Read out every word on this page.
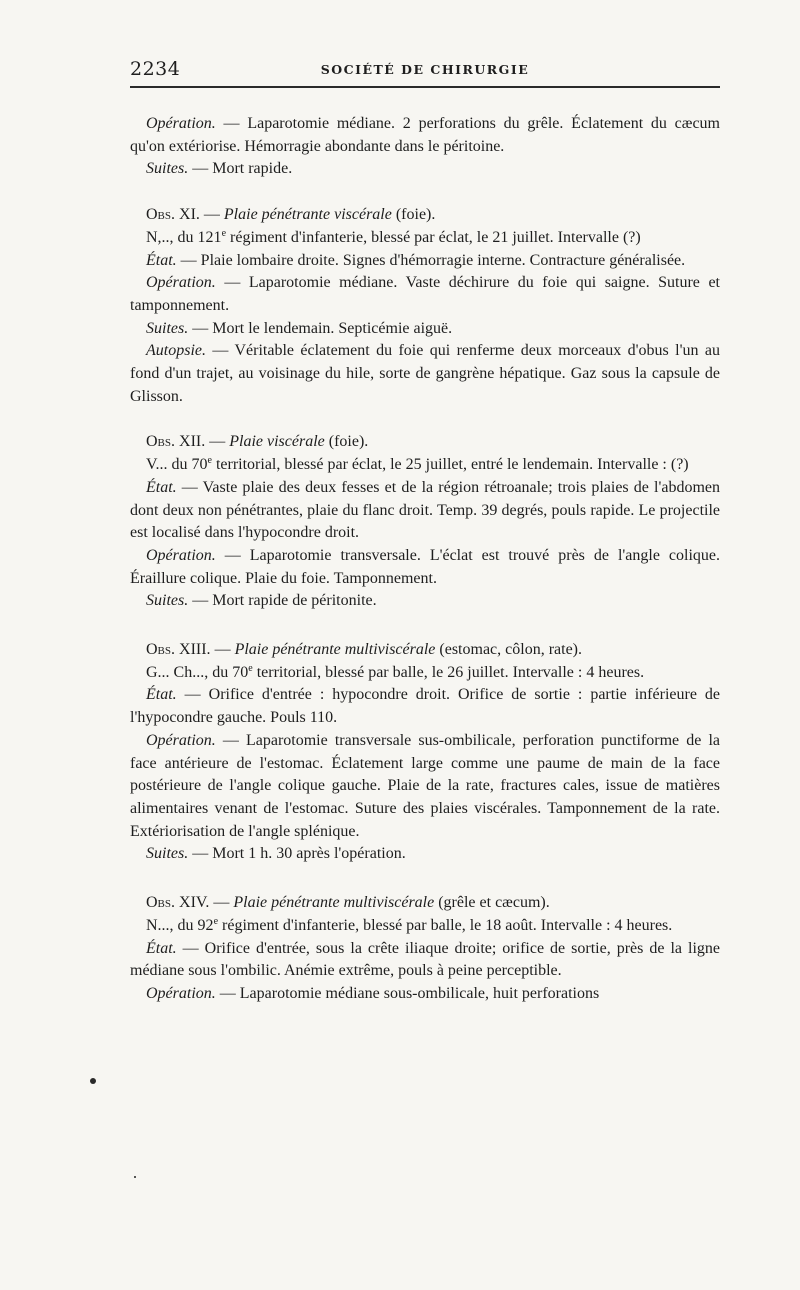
2234	SOCIÉTÉ DE CHIRURGIE

Opération. — Laparotomie médiane. 2 perforations du grêle. Éclatement du cæcum qu'on extériorise. Hémorragie abondante dans le péritoine.

Suites. — Mort rapide.

Obs. XI. — Plaie pénétrante viscérale (foie).

N,.., du 121e régiment d'infanterie, blessé par éclat, le 21 juillet. Intervalle (?)

État. — Plaie lombaire droite. Signes d'hémorragie interne. Contracture généralisée.

Opération. — Laparotomie médiane. Vaste déchirure du foie qui saigne. Suture et tamponnement.

Suites. — Mort le lendemain. Septicémie aiguë.

Autopsie. — Véritable éclatement du foie qui renferme deux morceaux d'obus l'un au fond d'un trajet, au voisinage du hile, sorte de gangrène hépatique. Gaz sous la capsule de Glisson.

Obs. XII. — Plaie viscérale (foie).

V... du 70e territorial, blessé par éclat, le 25 juillet, entré le lendemain. Intervalle : (?)

État. — Vaste plaie des deux fesses et de la région rétroanale; trois plaies de l'abdomen dont deux non pénétrantes, plaie du flanc droit. Temp. 39 degrés, pouls rapide. Le projectile est localisé dans l'hypocondre droit.

Opération. — Laparotomie transversale. L'éclat est trouvé près de l'angle colique. Éraillure colique. Plaie du foie. Tamponnement.

Suites. — Mort rapide de péritonite.

Obs. XIII. — Plaie pénétrante multiviscérale (estomac, côlon, rate).

G... Ch..., du 70e territorial, blessé par balle, le 26 juillet. Intervalle : 4 heures.

État. — Orifice d'entrée : hypocondre droit. Orifice de sortie : partie inférieure de l'hypocondre gauche. Pouls 110.

Opération. — Laparotomie transversale sus-ombilicale, perforation punctiforme de la face antérieure de l'estomac. Éclatement large comme une paume de main de la face postérieure de l'angle colique gauche. Plaie de la rate, fractures cales, issue de matières alimentaires venant de l'estomac. Suture des plaies viscérales. Tamponnement de la rate. Extériorisation de l'angle splénique.

Suites. — Mort 1 h. 30 après l'opération.

Obs. XIV. — Plaie pénétrante multiviscérale (grêle et cæcum).

N..., du 92e régiment d'infanterie, blessé par balle, le 18 août. Intervalle : 4 heures.

État. — Orifice d'entrée, sous la crête iliaque droite; orifice de sortie, près de la ligne médiane sous l'ombilic. Anémie extrême, pouls à peine perceptible.

Opération. — Laparotomie médiane sous-ombilicale, huit perforations
